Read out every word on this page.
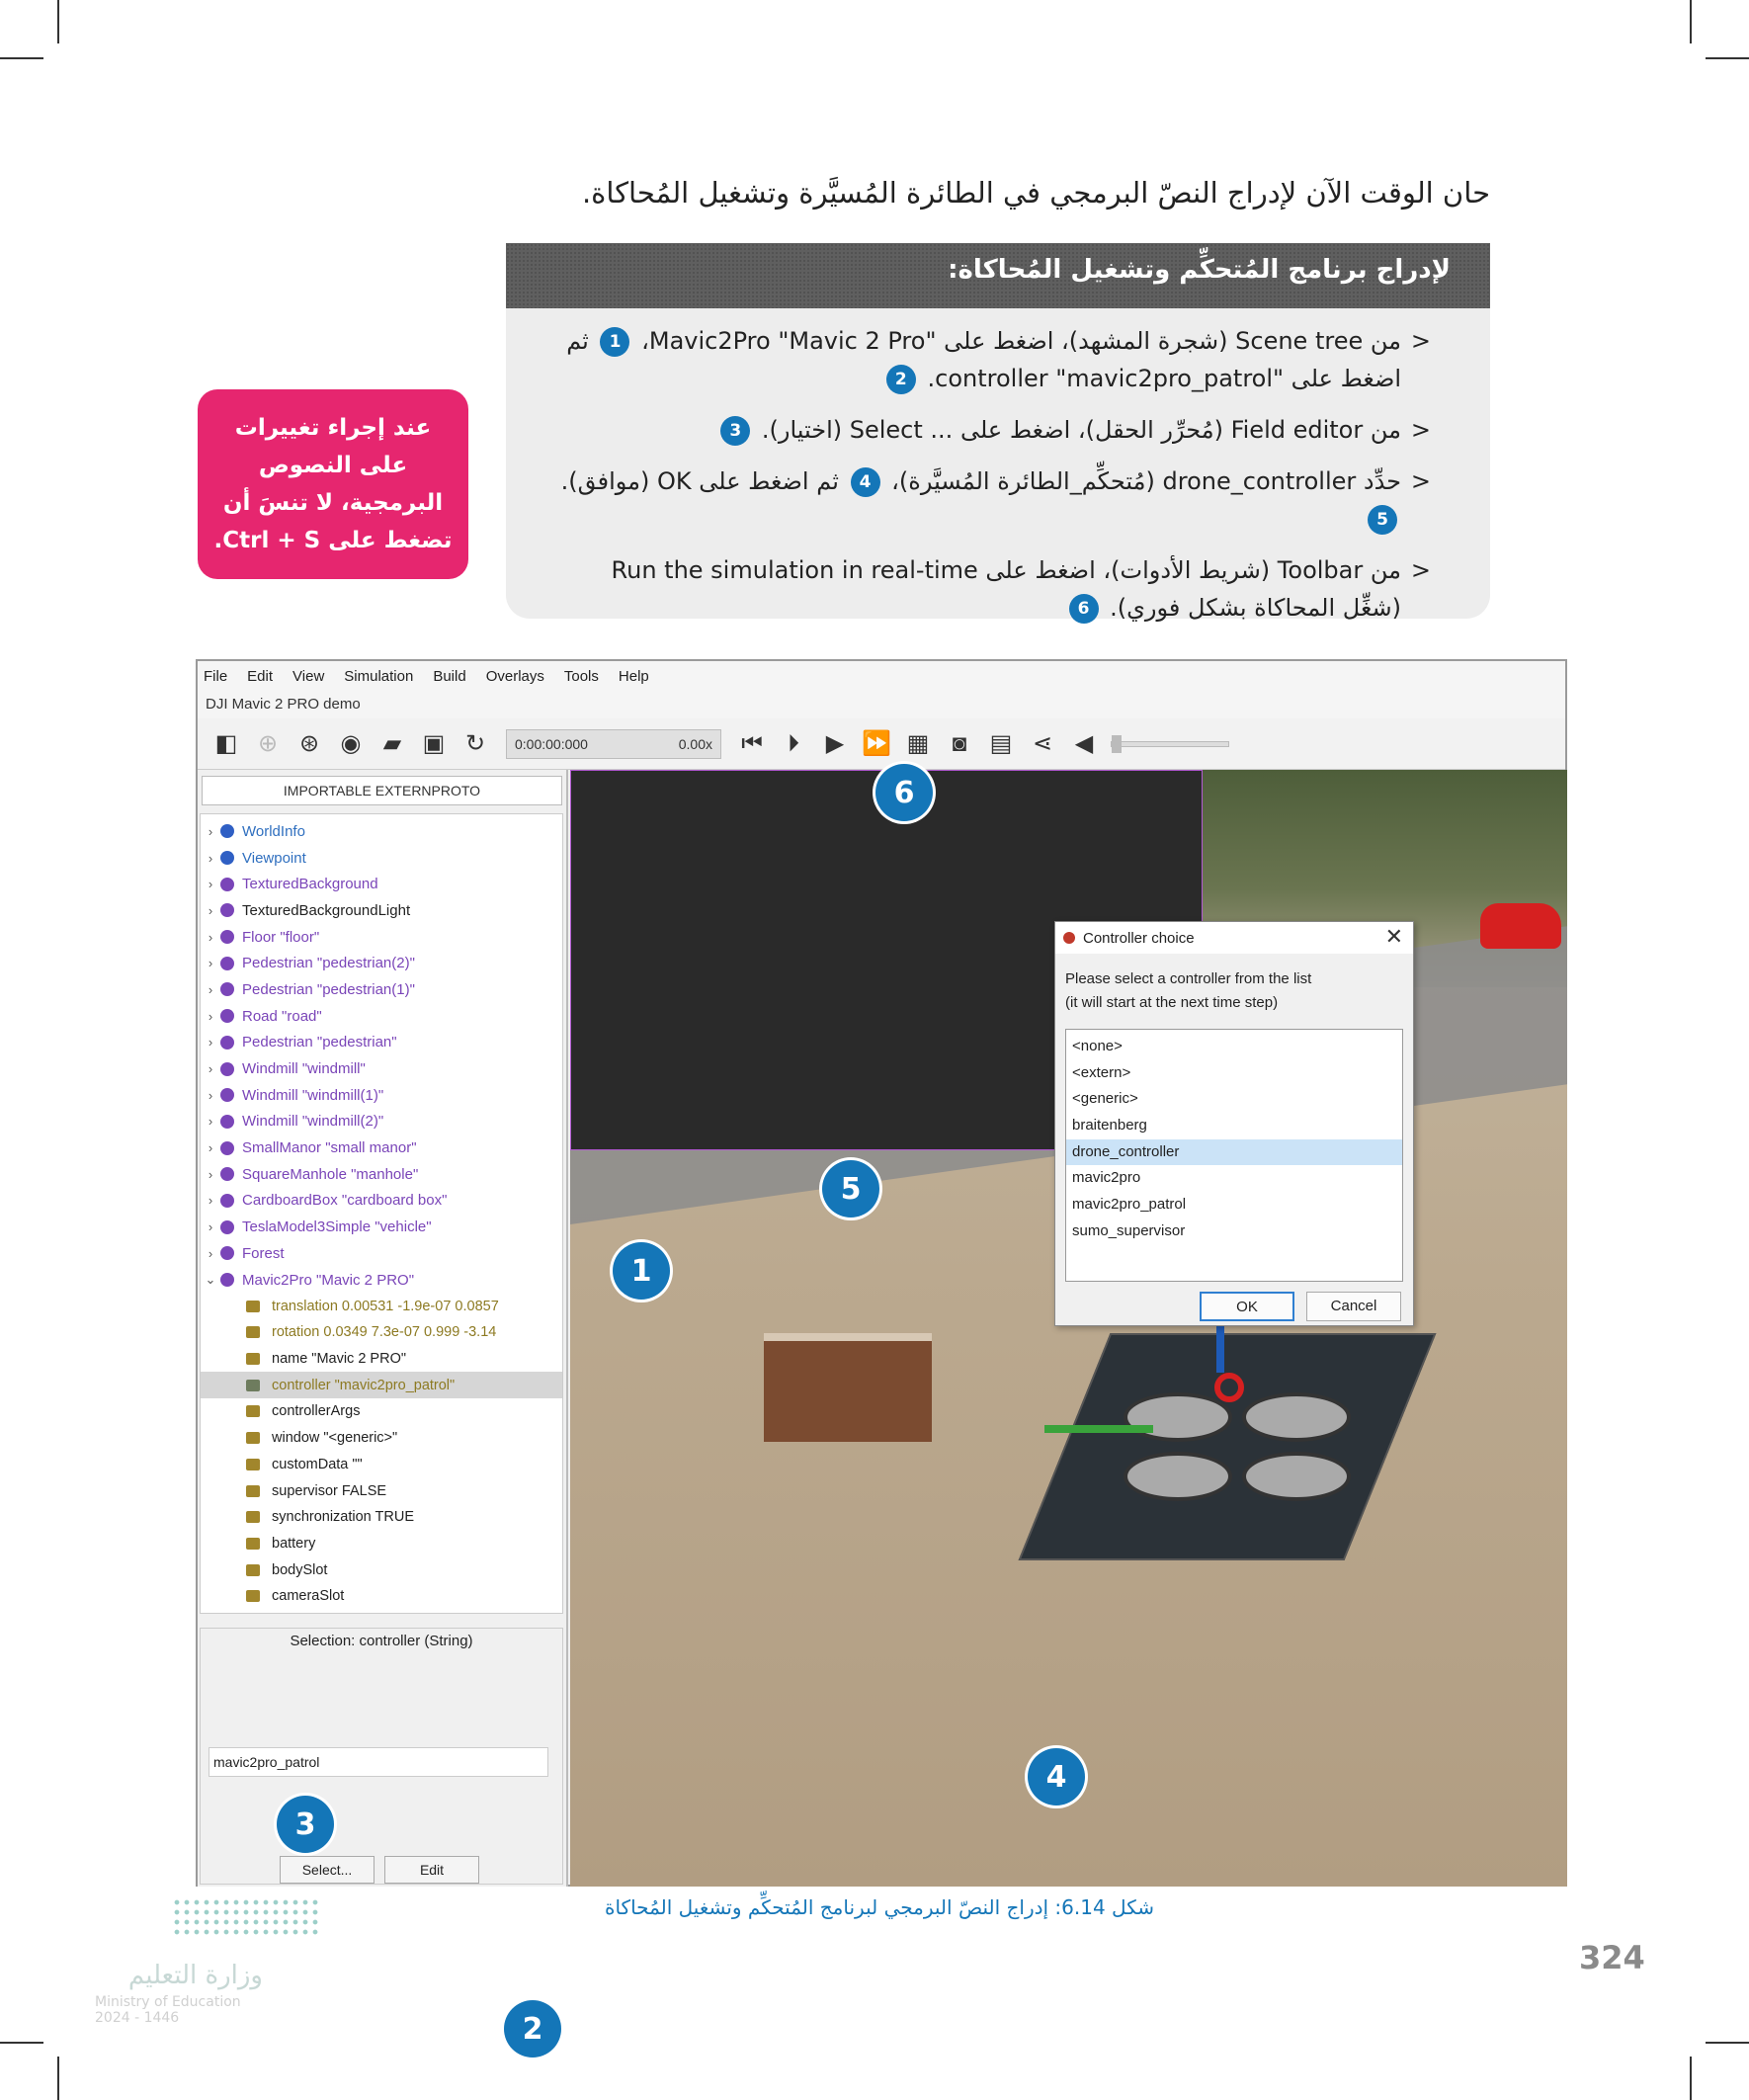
حان الوقت الآن لإدراج النصّ البرمجي في الطائرة المُسيَّرة وتشغيل المُحاكاة.

لإدراج برنامج المُتحكِّم وتشغيل المُحاكاة:
< من Scene tree (شجرة المشهد)، اضغط على "Mavic2Pro "Mavic 2 Pro، 1 ثم اضغط على "controller "mavic2pro_patrol. 2
< من Field editor (مُحرِّر الحقل)، اضغط على ... Select (اختيار). 3
< حدِّد drone_controller (مُتحكِّم_الطائرة المُسيَّرة)، 4 ثم اضغط على OK (موافق). 5
< من Toolbar (شريط الأدوات)، اضغط على Run the simulation in real-time (شغِّل المحاكاة بشكل فوري). 6
عند إجراء تغييرات
على النصوص
البرمجية، لا تنسَ أن
تضغط على Ctrl + S.
File Edit View Simulation Build Overlays Tools Help
DJI Mavic 2 PRO demo
◧ ⊕ ⊛ ◉ ▰ ▣ ↻	0:00:00:000	0.00x	⏮	⏵	▶ ⏩ ▦ ◙ ▤ ⋖ ◀
IMPORTABLE EXTERNPROTO
›	WorldInfo
›	Viewpoint
›	TexturedBackground
›	TexturedBackgroundLight
›	Floor "floor"
›	Pedestrian "pedestrian(2)"
›	Pedestrian "pedestrian(1)"
›	Road "road"
›	Pedestrian "pedestrian"
›	Windmill "windmill"
›	Windmill "windmill(1)"
›	Windmill "windmill(2)"
›	SmallManor "small manor"
›	SquareManhole "manhole"
›	CardboardBox "cardboard box"
›	TeslaModel3Simple "vehicle"
›	Forest
⌄	Mavic2Pro "Mavic 2 PRO"
translation 0.00531 -1.9e-07 0.0857
rotation 0.0349 7.3e-07 0.999 -3.14
name "Mavic 2 PRO"
controller "mavic2pro_patrol"
controllerArgs
window "<generic>"
customData ""
supervisor FALSE
synchronization TRUE
battery
bodySlot
cameraSlot
Selection: controller (String)
mavic2pro_patrol
Select...	Edit
Controller choice	✕
Please select a controller from the list
(it will start at the next time step)
<none>
<extern>
<generic>
braitenberg
drone_controller
mavic2pro
mavic2pro_patrol
sumo_supervisor
OK	Cancel
1
2
3
4
5
6
شكل 6.14: إدراج النصّ البرمجي لبرنامج المُتحكِّم وتشغيل المُحاكاة
وزارة التعليم
Ministry of Education
2024 - 1446
324
